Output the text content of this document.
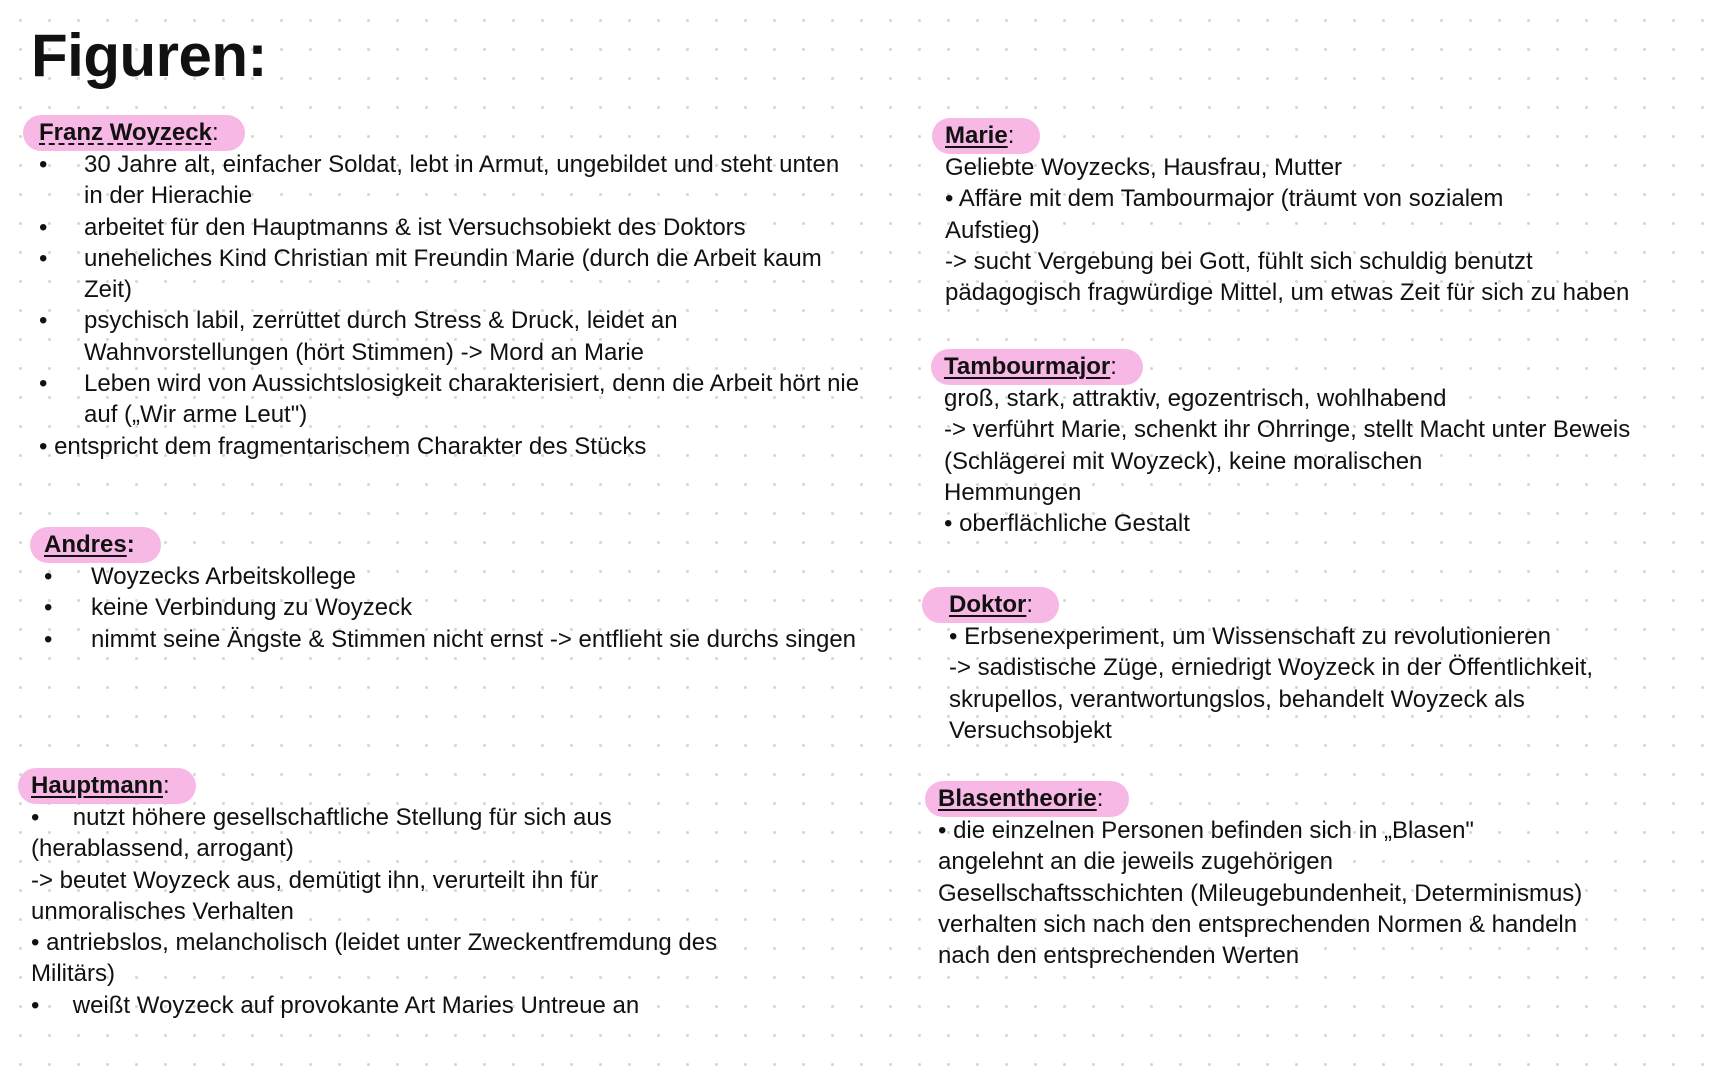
Figuren:
Franz Woyzeck:
• 30 Jahre alt, einfacher Soldat, lebt in Armut, ungebildet und steht unten in der Hierachie
• arbeitet für den Hauptmanns & ist Versuchsobiekt des Doktors
• uneheliches Kind Christian mit Freundin Marie (durch die Arbeit kaum Zeit)
• psychisch labil, zerrüttet durch Stress & Druck, leidet an Wahnvorstellungen (hört Stimmen) -> Mord an Marie
• Leben wird von Aussichtslosigkeit charakterisiert, denn die Arbeit hört nie auf („Wir arme Leut")
• entspricht dem fragmentarischem Charakter des Stücks
Andres:
• Woyzecks Arbeitskollege
• keine Verbindung zu Woyzeck
• nimmt seine Ängste & Stimmen nicht ernst -> entflieht sie durchs singen
Hauptmann:
•     nutzt höhere gesellschaftliche Stellung für sich aus
(herablassend, arrogant)
-> beutet Woyzeck aus, demütigt ihn, verurteilt ihn für
unmoralisches Verhalten
• antriebslos, melancholisch (leidet unter Zweckentfremdung des
Militärs)
•     weißt Woyzeck auf provokante Art Maries Untreue an
Marie:
Geliebte Woyzecks, Hausfrau, Mutter
• Affäre mit dem Tambourmajor (träumt von sozialem
Aufstieg)
-> sucht Vergebung bei Gott, fühlt sich schuldig benutzt
pädagogisch fragwürdige Mittel, um etwas Zeit für sich zu haben
Tambourmajor:
groß, stark, attraktiv, egozentrisch, wohlhabend
-> verführt Marie, schenkt ihr Ohrringe, stellt Macht unter Beweis
(Schlägerei mit Woyzeck), keine moralischen
Hemmungen
• oberflächliche Gestalt
Doktor:
• Erbsenexperiment, um Wissenschaft zu revolutionieren
-> sadistische Züge, erniedrigt Woyzeck in der Öffentlichkeit,
skrupellos, verantwortungslos, behandelt Woyzeck als
Versuchsobjekt
Blasentheorie:
• die einzelnen Personen befinden sich in „Blasen"
angelehnt an die jeweils zugehörigen
Gesellschaftsschichten (Mileugebundenheit, Determinismus)
verhalten sich nach den entsprechenden Normen & handeln
nach den entsprechenden Werten
